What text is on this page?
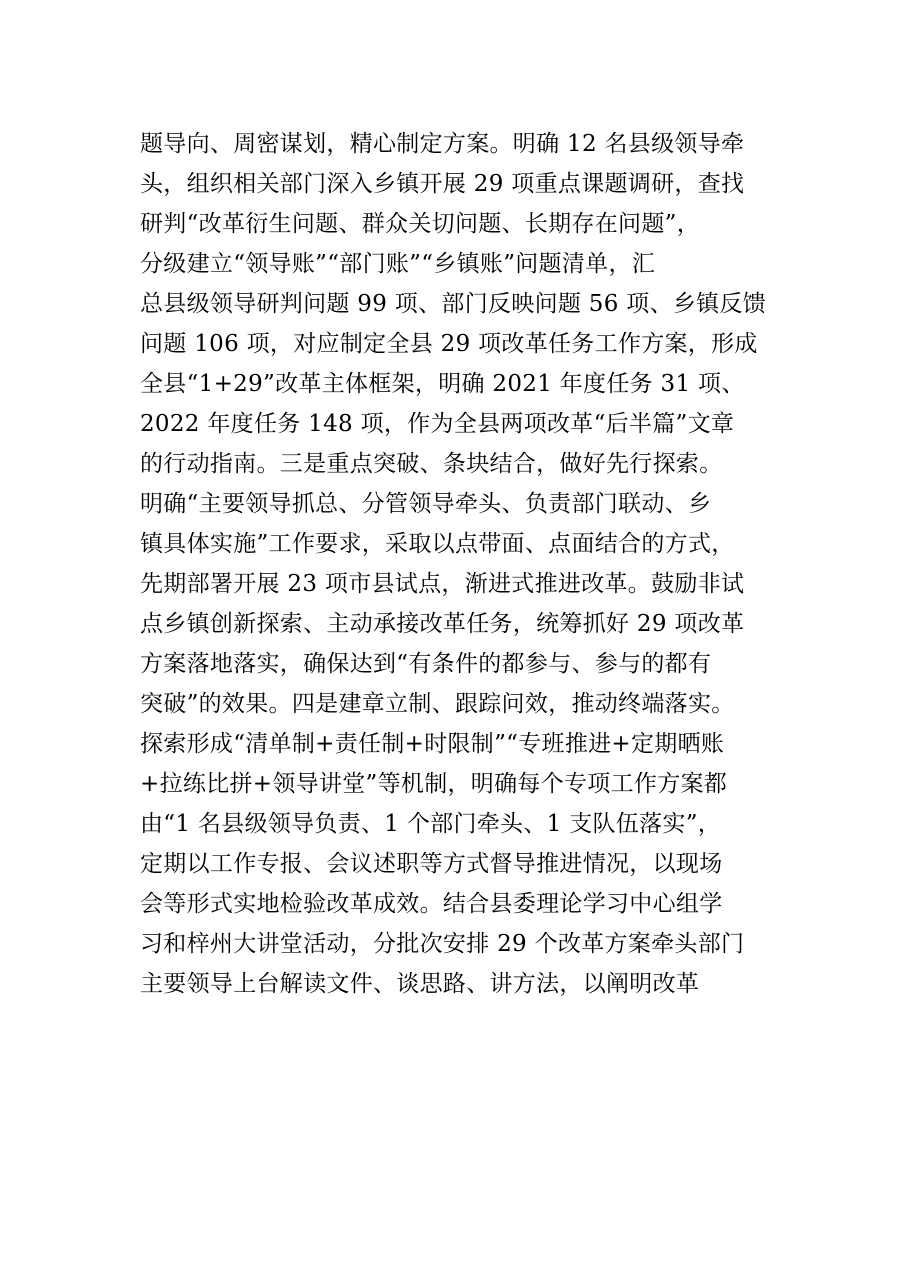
题导向、周密谋划，精心制定方案。明确 12 名县级领导牵
头，组织相关部门深入乡镇开展 29 项重点课题调研，查找
研判“改革衍生问题、群众关切问题、长期存在问题”，
分级建立“领导账”“部门账”“乡镇账”问题清单，汇
总县级领导研判问题 99 项、部门反映问题 56 项、乡镇反馈
问题 106 项，对应制定全县 29 项改革任务工作方案，形成
全县“1+29”改革主体框架，明确 2021 年度任务 31 项、
2022 年度任务 148 项，作为全县两项改革“后半篇”文章
的行动指南。三是重点突破、条块结合，做好先行探索。
明确“主要领导抓总、分管领导牵头、负责部门联动、乡
镇具体实施”工作要求，采取以点带面、点面结合的方式，
先期部署开展 23 项市县试点，渐进式推进改革。鼓励非试
点乡镇创新探索、主动承接改革任务，统筹抓好 29 项改革
方案落地落实，确保达到“有条件的都参与、参与的都有
突破”的效果。四是建章立制、跟踪问效，推动终端落实。
探索形成“清单制+责任制+时限制”“专班推进+定期晒账
+拉练比拼+领导讲堂”等机制，明确每个专项工作方案都
由“1 名县级领导负责、1 个部门牵头、1 支队伍落实”，
定期以工作专报、会议述职等方式督导推进情况，以现场
会等形式实地检验改革成效。结合县委理论学习中心组学
习和梓州大讲堂活动，分批次安排 29 个改革方案牵头部门
主要领导上台解读文件、谈思路、讲方法，以阐明改革
